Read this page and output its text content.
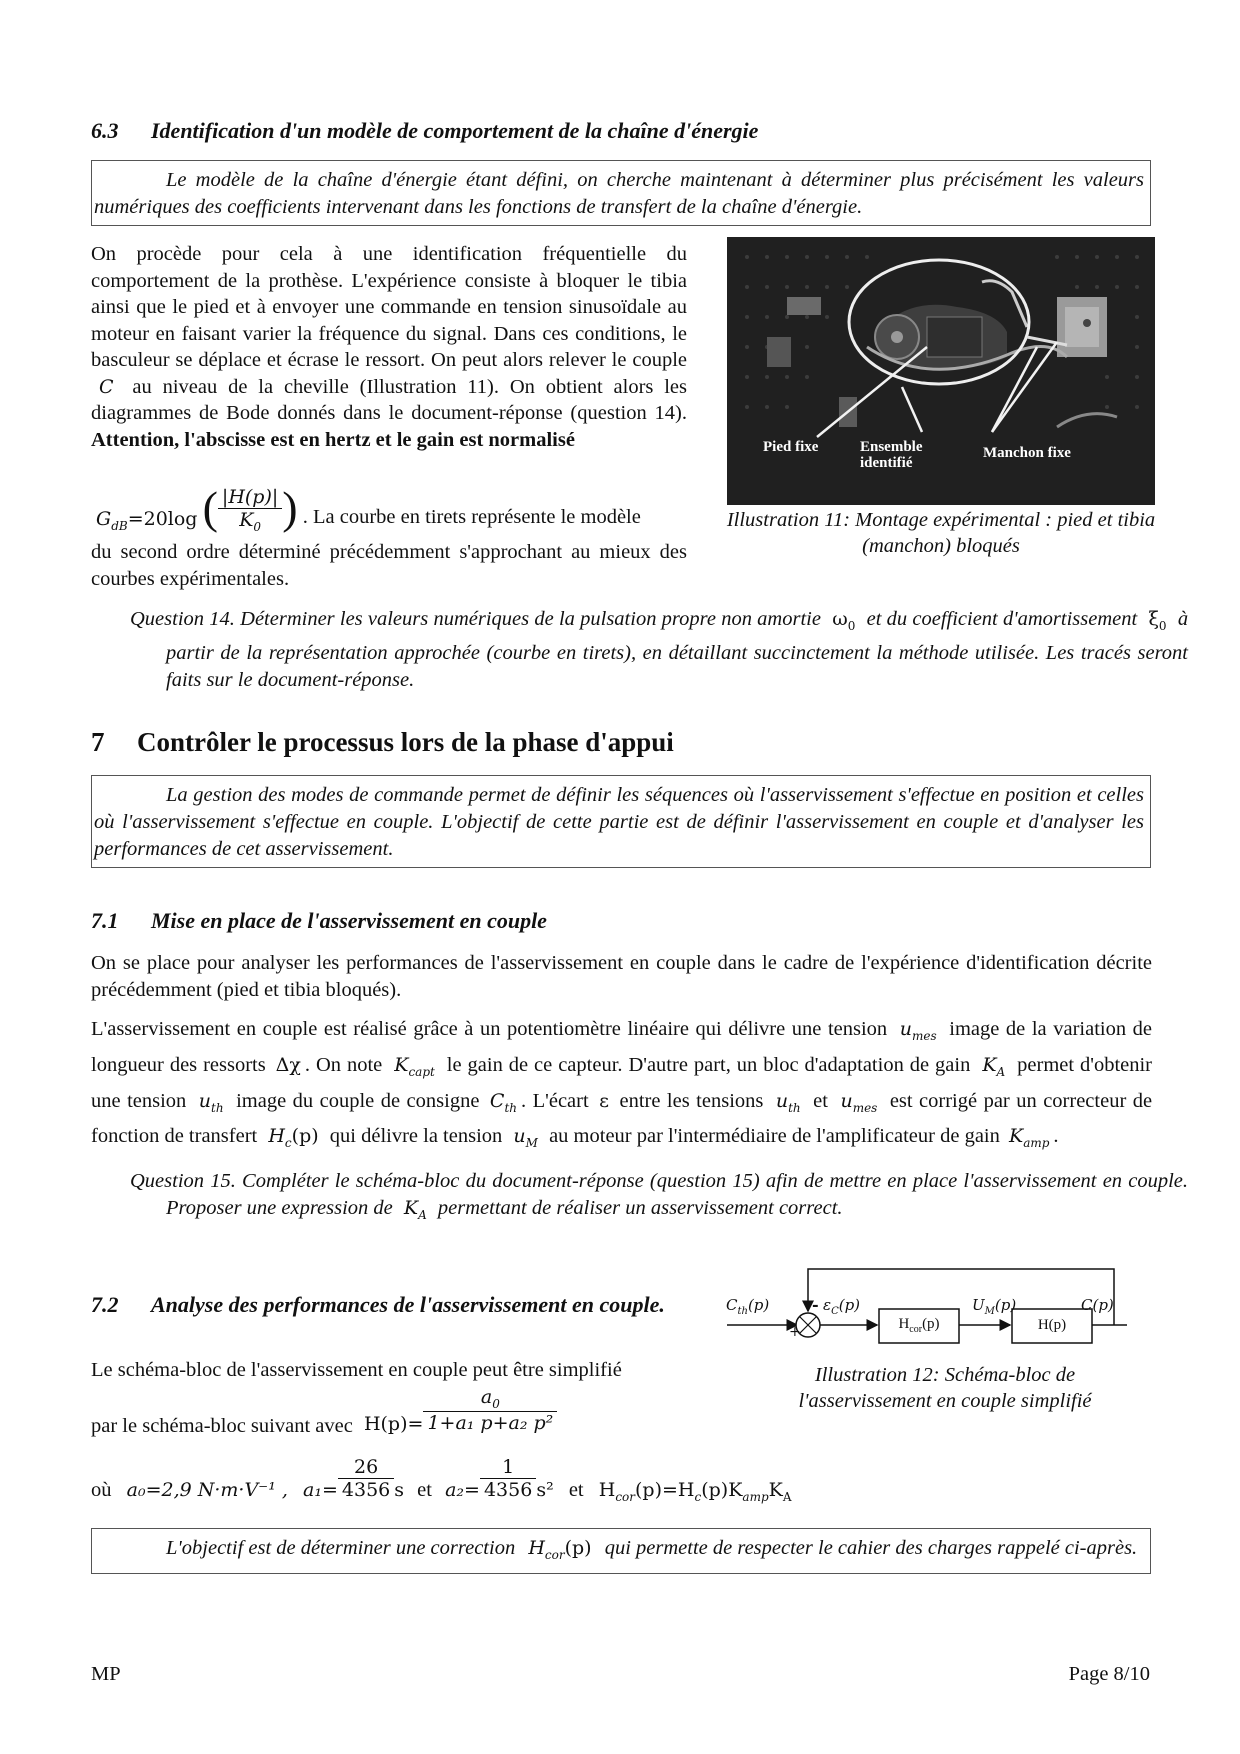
6.3 Identification d'un modèle de comportement de la chaîne d'énergie
Le modèle de la chaîne d'énergie étant défini, on cherche maintenant à déterminer plus précisément les valeurs numériques des coefficients intervenant dans les fonctions de transfert de la chaîne d'énergie.
On procède pour cela à une identification fréquentielle du comportement de la prothèse. L'expérience consiste à bloquer le tibia ainsi que le pied et à envoyer une commande en tension sinusoïdale au moteur en faisant varier la fréquence du signal. Dans ces conditions, le basculeur se déplace et écrase le ressort. On peut alors relever le couple C au niveau de la cheville (Illustration 11). On obtient alors les diagrammes de Bode donnés dans le document-réponse (question 14). Attention, l'abscisse est en hertz et le gain est normalisé
$G_{dB}=20\log$ ( $\frac{|H(p)|}{K_0}$ ) . La courbe en tirets représente le modèle
du second ordre déterminé précédemment s'approchant au mieux des courbes expérimentales.
Pied fixe	Ensemble identifié
Manchon fixe
Illustration 11: Montage expérimental : pied et tibia (manchon) bloqués
Question 14. Déterminer les valeurs numériques de la pulsation propre non amortie $\omega_0$ et du coefficient d'amortissement $\xi_0$ à partir de la représentation approchée (courbe en tirets), en détaillant succinctement la méthode utilisée. Les tracés seront faits sur le document-réponse.
7 Contrôler le processus lors de la phase d'appui
La gestion des modes de commande permet de définir les séquences où l'asservissement s'effectue en position et celles où l'asservissement s'effectue en couple. L'objectif de cette partie est de définir l'asservissement en couple et d'analyser les performances de cet asservissement.
7.1 Mise en place de l'asservissement en couple
On se place pour analyser les performances de l'asservissement en couple dans le cadre de l'expérience d'identification décrite précédemment (pied et tibia bloqués).
L'asservissement en couple est réalisé grâce à un potentiomètre linéaire qui délivre une tension $u_{mes}$ image de la variation de longueur des ressorts Δχ . On note $K_{capt}$ le gain de ce capteur. D'autre part, un bloc d'adaptation de gain $K_A$ permet d'obtenir une tension $u_{th}$ image du couple de consigne $C_{th}$ . L'écart ε entre les tensions $u_{th}$ et $u_{mes}$ est corrigé par un correcteur de fonction de transfert $H_c(p)$ qui délivre la tension $u_M$ au moteur par l'intermédiaire de l'amplificateur de gain $K_{amp}$ .
Question 15. Compléter le schéma-bloc du document-réponse (question 15) afin de mettre en place l'asservissement en couple. Proposer une expression de $K_A$ permettant de réaliser un asservissement correct.
7.2 Analyse des performances de l'asservissement en couple.
Le schéma-bloc de l'asservissement en couple peut être simplifié
par le schéma-bloc suivant avec $H(p)= \frac{a_0}{\text{1+a₁ p+a₂ p²}}$
où a₀=2,9 N·m·V⁻¹ , $a_1= \frac{26}{4356}$ s et $a_2= \frac{1}{4356} s^2$ et $H_{cor}(p)=H_c(p)K_{amp}K_A$
$C_{th}(p)$	-
+
$\varepsilon_C(p)$
$H_{cor}(p)$
$U_M(p)$
H(p)
C(p)
Illustration 12: Schéma-bloc de l'asservissement en couple simplifié
L'objectif est de déterminer une correction $H_{cor}(p)$ qui permette de respecter le cahier des charges rappelé ci-après.
MP	Page 8/10
